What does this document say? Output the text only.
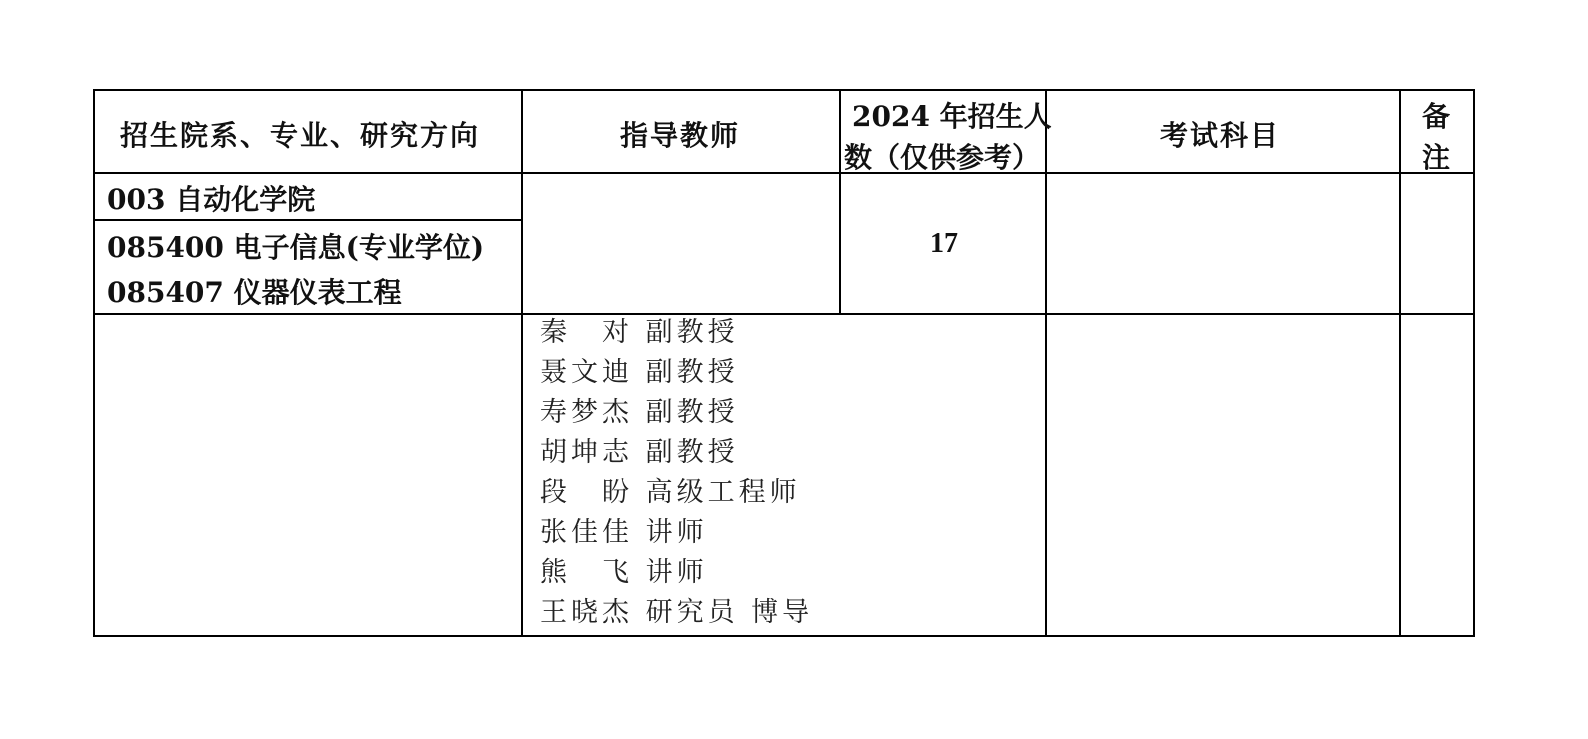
招生院系、专业、研究方向	指导教师
2024 年招生人
数（仅供参考）
考试科目
备
注
003 自动化学院
085400 电子信息(专业学位)
085407 仪器仪表工程
17
秦　对 副教授
聂文迪 副教授
寿梦杰 副教授
胡坤志 副教授
段　盼 高级工程师
张佳佳 讲师
熊　飞 讲师
王晓杰 研究员 博导
